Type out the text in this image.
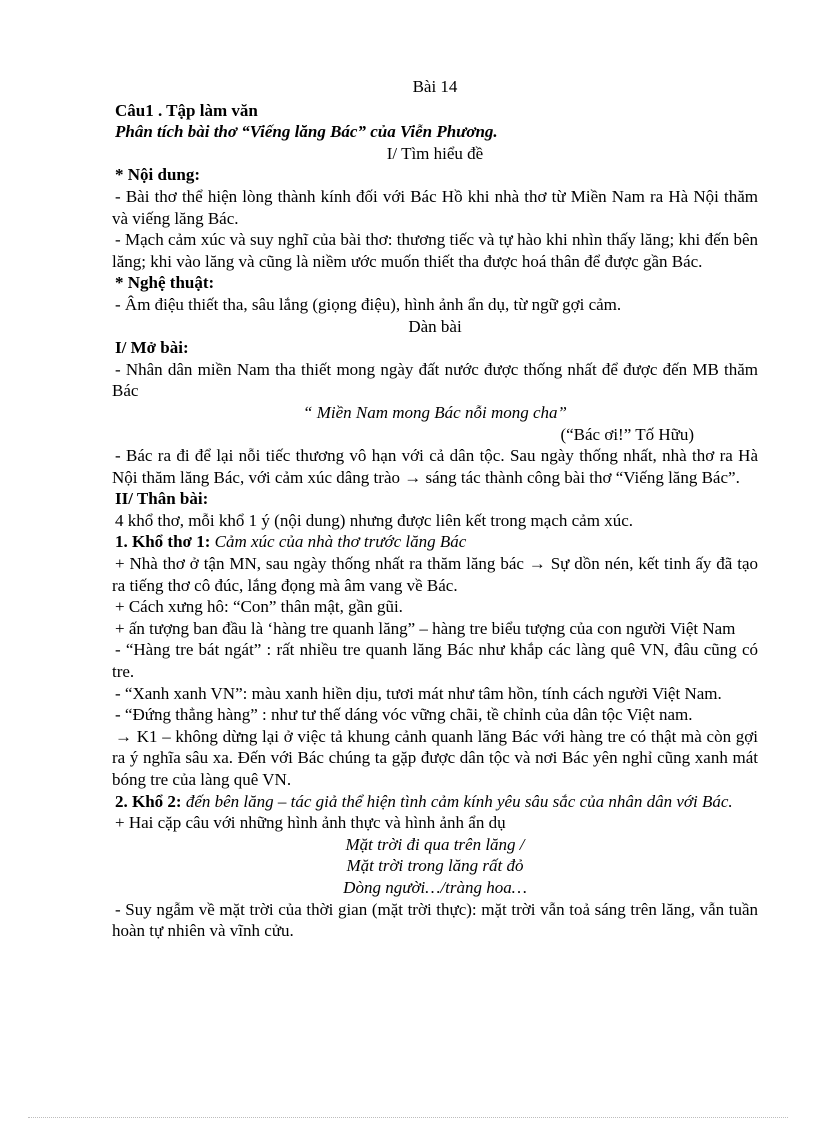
Bài 14

Câu1 . Tập làm văn

Phân tích bài thơ “Viếng lăng Bác” của Viễn Phương.

I/ Tìm hiểu đề

* Nội dung:

- Bài thơ thể hiện lòng thành kính đối với Bác Hồ khi nhà thơ từ Miền Nam ra Hà Nội thăm và viếng lăng Bác.

- Mạch cảm xúc và suy nghĩ của bài thơ: thương tiếc và tự hào khi nhìn thấy lăng; khi đến bên lăng; khi vào lăng và cũng là niềm ước muốn thiết tha được hoá thân để được gần Bác.

* Nghệ thuật:

- Âm điệu thiết tha, sâu lắng (giọng điệu), hình ảnh ẩn dụ, từ ngữ gợi cảm.

Dàn bài

I/ Mở bài:

- Nhân dân miền Nam tha thiết mong ngày đất nước được thống nhất để được đến MB thăm Bác

“ Miền Nam mong Bác nỗi mong cha”

(“Bác ơi!” Tố Hữu)

- Bác ra đi để lại nỗi tiếc thương vô hạn với cả dân tộc. Sau ngày thống nhất, nhà thơ ra Hà Nội thăm lăng Bác, với cảm xúc dâng trào → sáng tác thành công bài thơ “Viếng lăng Bác”.

II/ Thân bài:

4 khổ thơ, mỗi khổ 1 ý (nội dung) nhưng được liên kết trong mạch cảm xúc.

1. Khổ thơ 1: Cảm xúc của nhà thơ trước lăng Bác

+ Nhà thơ ở tận MN, sau ngày thống nhất ra thăm lăng bác → Sự dồn nén, kết tinh ấy đã tạo ra tiếng thơ cô đúc, lắng đọng mà âm vang về Bác.

+ Cách xưng hô: “Con” thân mật, gần gũi.

+ ấn tượng ban đầu là ‘hàng tre quanh lăng” – hàng tre biểu tượng của con người Việt Nam

- “Hàng tre bát ngát” : rất nhiều tre quanh lăng Bác như khắp các làng quê VN, đâu cũng có tre.

- “Xanh xanh VN”: màu xanh hiền dịu, tươi mát như tâm hồn, tính cách người Việt Nam.

- “Đứng thẳng hàng” : như tư thế dáng vóc vững chãi, tề chỉnh của dân tộc Việt nam.

→ K1 – không dừng lại ở việc tả khung cảnh quanh lăng Bác với hàng tre có thật mà còn gợi ra ý nghĩa sâu xa. Đến với Bác chúng ta gặp được dân tộc và nơi Bác yên nghỉ cũng xanh mát bóng tre của làng quê VN.

2. Khổ 2: đến bên lăng – tác giả thể hiện tình cảm kính yêu sâu sắc của nhân dân với Bác.

+ Hai cặp câu với những hình ảnh thực và hình ảnh ẩn dụ

Mặt trời đi qua trên lăng /

Mặt trời trong lăng rất đỏ

Dòng người…/tràng hoa…

- Suy ngẫm về mặt trời của thời gian (mặt trời thực): mặt trời vẫn toả sáng trên lăng, vẫn tuần hoàn tự nhiên và vĩnh cửu.
